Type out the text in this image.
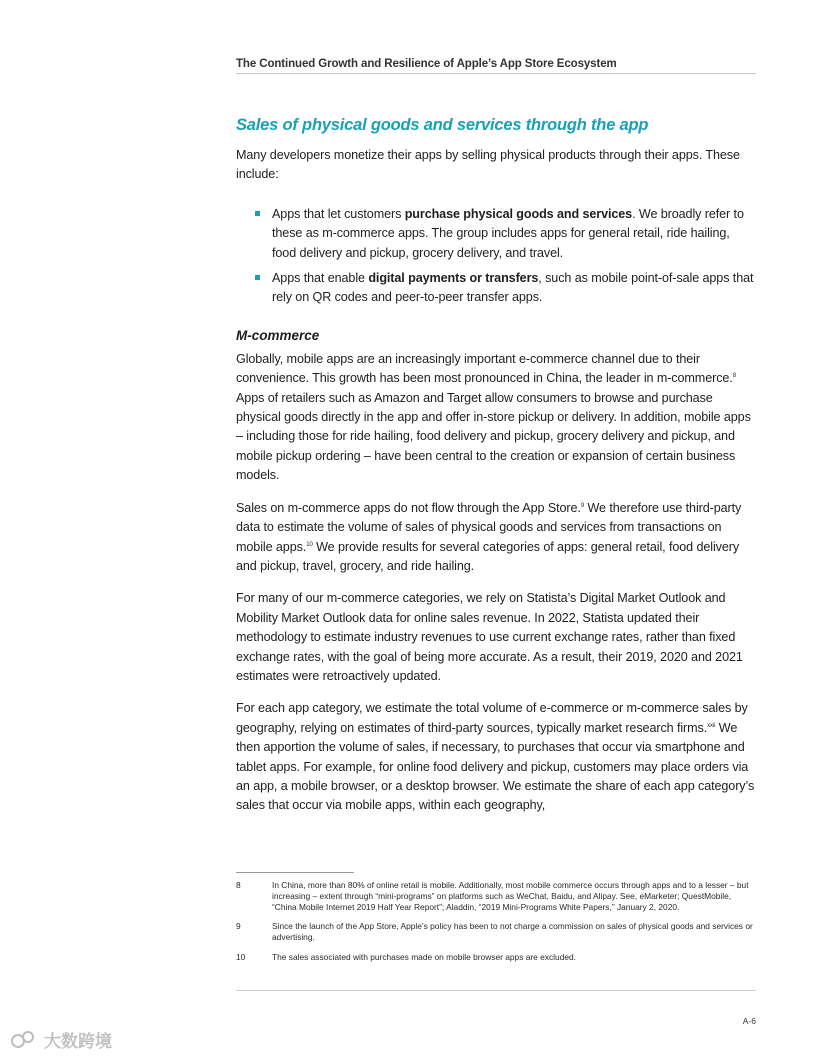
The Continued Growth and Resilience of Apple’s App Store Ecosystem
Sales of physical goods and services through the app

Many developers monetize their apps by selling physical products through their apps. These include:

Apps that let customers purchase physical goods and services. We broadly refer to these as m-commerce apps. The group includes apps for general retail, ride hailing, food delivery and pickup, grocery delivery, and travel.
Apps that enable digital payments or transfers, such as mobile point-of-sale apps that rely on QR codes and peer-to-peer transfer apps.
M-commerce

Globally, mobile apps are an increasingly important e-commerce channel due to their convenience. This growth has been most pronounced in China, the leader in m-commerce.$^8$ Apps of retailers such as Amazon and Target allow consumers to browse and purchase physical goods directly in the app and offer in-store pickup or delivery. In addition, mobile apps – including those for ride hailing, food delivery and pickup, grocery delivery and pickup, and mobile pickup ordering – have been central to the creation or expansion of certain business models.

Sales on m-commerce apps do not flow through the App Store.$^9$ We therefore use third-party data to estimate the volume of sales of physical goods and services from transactions on mobile apps.$^{10}$ We provide results for several categories of apps: general retail, food delivery and pickup, travel, grocery, and ride hailing.

For many of our m-commerce categories, we rely on Statista’s Digital Market Outlook and Mobility Market Outlook data for online sales revenue. In 2022, Statista updated their methodology to estimate industry revenues to use current exchange rates, rather than fixed exchange rates, with the goal of being more accurate. As a result, their 2019, 2020 and 2021 estimates were retroactively updated.

For each app category, we estimate the total volume of e-commerce or m-commerce sales by geography, relying on estimates of third-party sources, typically market research firms.$^{xxii}$ We then apportion the volume of sales, if necessary, to purchases that occur via smartphone and tablet apps. For example, for online food delivery and pickup, customers may place orders via an app, a mobile browser, or a desktop browser. We estimate the share of each app category’s sales that occur via mobile apps, within each geography,

8	In China, more than 80% of online retail is mobile. Additionally, most mobile commerce occurs through apps and to a lesser – but increasing – extent through “mini-programs” on platforms such as WeChat, Baidu, and Alipay. See, eMarketer; QuestMobile, “China Mobile Internet 2019 Half Year Report”; Aladdin, “2019 Mini-Programs White Papers,” January 2, 2020.
9	Since the launch of the App Store, Apple’s policy has been to not charge a commission on sales of physical goods and services or advertising.
10	The sales associated with purchases made on mobile browser apps are excluded.
A-6
大数跨境
